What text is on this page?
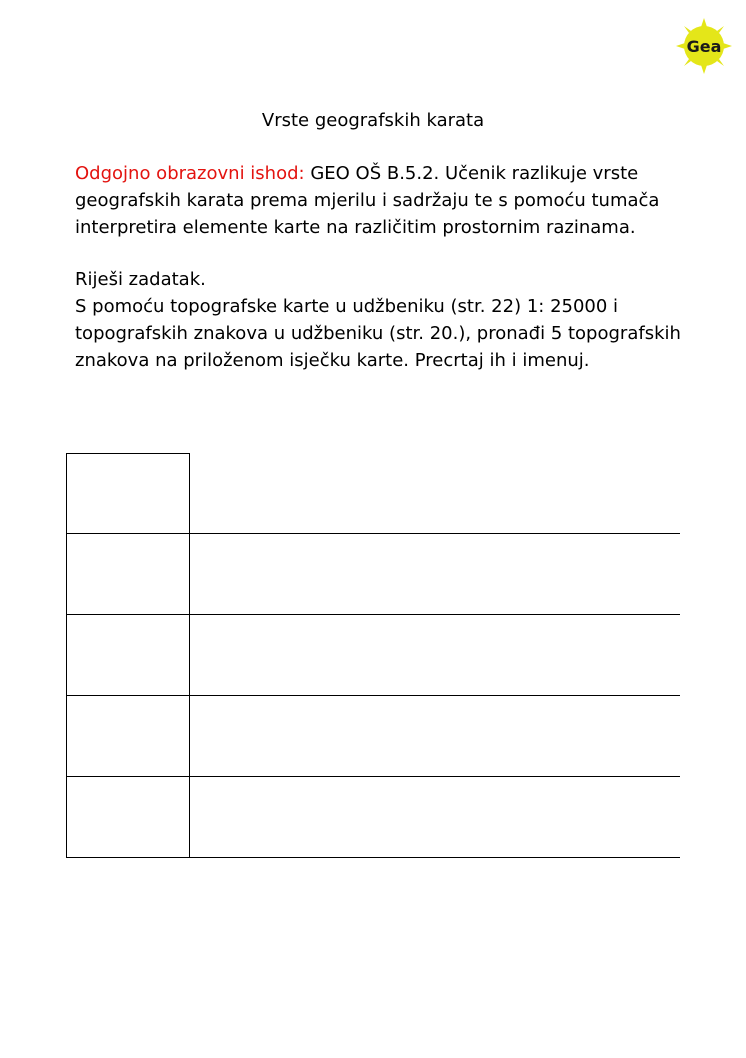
Gea
Vrste geografskih karata
Odgojno obrazovni ishod: GEO OŠ B.5.2. Učenik razlikuje vrste geografskih karata prema mjerilu i sadržaju te s pomoću tumača interpretira elemente karte na različitim prostornim razinama.
Riješi zadatak.
S pomoću topografske karte u udžbeniku (str. 22) 1: 25000 i topografskih znakova u udžbeniku (str. 20.), pronađi 5 topografskih znakova na priloženom isječku karte. Precrtaj ih i imenuj.
